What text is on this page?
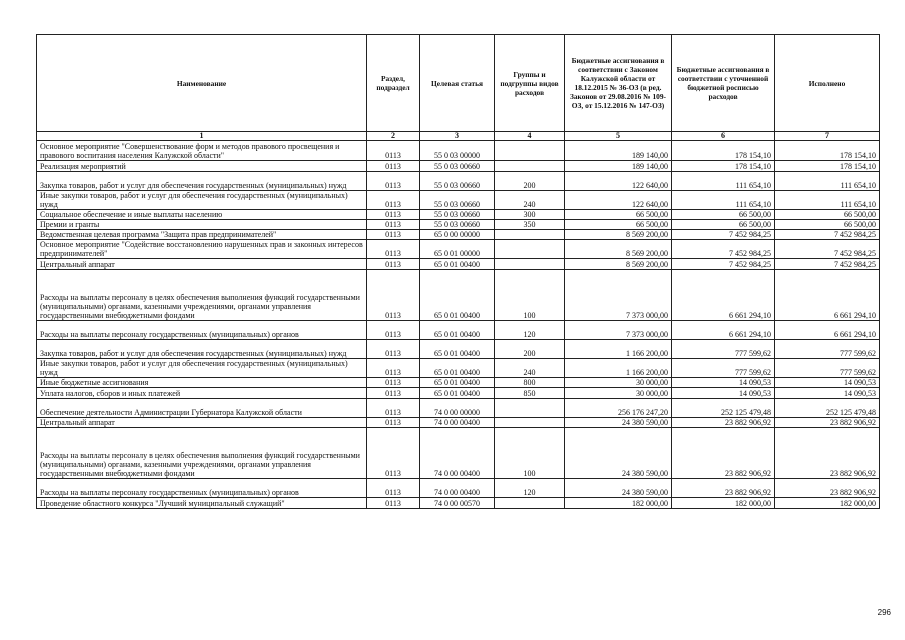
Наименование	Раздел, подраздел	Целевая статья	Группы и подгруппы видов расходов	Бюджетные ассигнования в соответствии с Законом Калужской области от 18.12.2015 № 36-ОЗ (в ред. Законов от 29.08.2016 № 109-ОЗ, от 15.12.2016 № 147-ОЗ)	Бюджетные ассигнования в соответствии с уточненной бюджетной росписью расходов	Исполнено
1	2	3	4	5	6	7
Основное мероприятие "Совершенствование форм и методов правового просвещения и правового воспитания населения Калужской области"	0113	55 0 03 00000		189 140,00	178 154,10	178 154,10
Реализация мероприятий	0113	55 0 03 00660		189 140,00	178 154,10	178 154,10
Закупка товаров, работ и услуг для обеспечения государственных (муниципальных) нужд	0113	55 0 03 00660	200	122 640,00	111 654,10	111 654,10
Иные закупки товаров, работ и услуг для обеспечения государственных (муниципальных) нужд	0113	55 0 03 00660	240	122 640,00	111 654,10	111 654,10
Социальное обеспечение и иные выплаты населению	0113	55 0 03 00660	300	66 500,00	66 500,00	66 500,00
Премии и гранты	0113	55 0 03 00660	350	66 500,00	66 500,00	66 500,00
Ведомственная целевая программа "Защита прав предпринимателей"	0113	65 0 00 00000		8 569 200,00	7 452 984,25	7 452 984,25
Основное мероприятие "Содействие восстановлению нарушенных прав и законных интересов предпринимателей"	0113	65 0 01 00000		8 569 200,00	7 452 984,25	7 452 984,25
Центральный аппарат	0113	65 0 01 00400		8 569 200,00	7 452 984,25	7 452 984,25
Расходы на выплаты персоналу в целях обеспечения выполнения функций государственными (муниципальными) органами, казенными учреждениями, органами управления государственными внебюджетными фондами	0113	65 0 01 00400	100	7 373 000,00	6 661 294,10	6 661 294,10
Расходы на выплаты персоналу государственных (муниципальных) органов	0113	65 0 01 00400	120	7 373 000,00	6 661 294,10	6 661 294,10
Закупка товаров, работ и услуг для обеспечения государственных (муниципальных) нужд	0113	65 0 01 00400	200	1 166 200,00	777 599,62	777 599,62
Иные закупки товаров, работ и услуг для обеспечения государственных (муниципальных) нужд	0113	65 0 01 00400	240	1 166 200,00	777 599,62	777 599,62
Иные бюджетные ассигнования	0113	65 0 01 00400	800	30 000,00	14 090,53	14 090,53
Уплата налогов, сборов и иных платежей	0113	65 0 01 00400	850	30 000,00	14 090,53	14 090,53
Обеспечение деятельности Администрации Губернатора Калужской области	0113	74 0 00 00000		256 176 247,20	252 125 479,48	252 125 479,48
Центральный аппарат	0113	74 0 00 00400		24 380 590,00	23 882 906,92	23 882 906,92
Расходы на выплаты персоналу в целях обеспечения выполнения функций государственными (муниципальными) органами, казенными учреждениями, органами управления государственными внебюджетными фондами	0113	74 0 00 00400	100	24 380 590,00	23 882 906,92	23 882 906,92
Расходы на выплаты персоналу государственных (муниципальных) органов	0113	74 0 00 00400	120	24 380 590,00	23 882 906,92	23 882 906,92
Проведение областного конкурса "Лучший муниципальный служащий"	0113	74 0 00 00570		182 000,00	182 000,00	182 000,00
296
